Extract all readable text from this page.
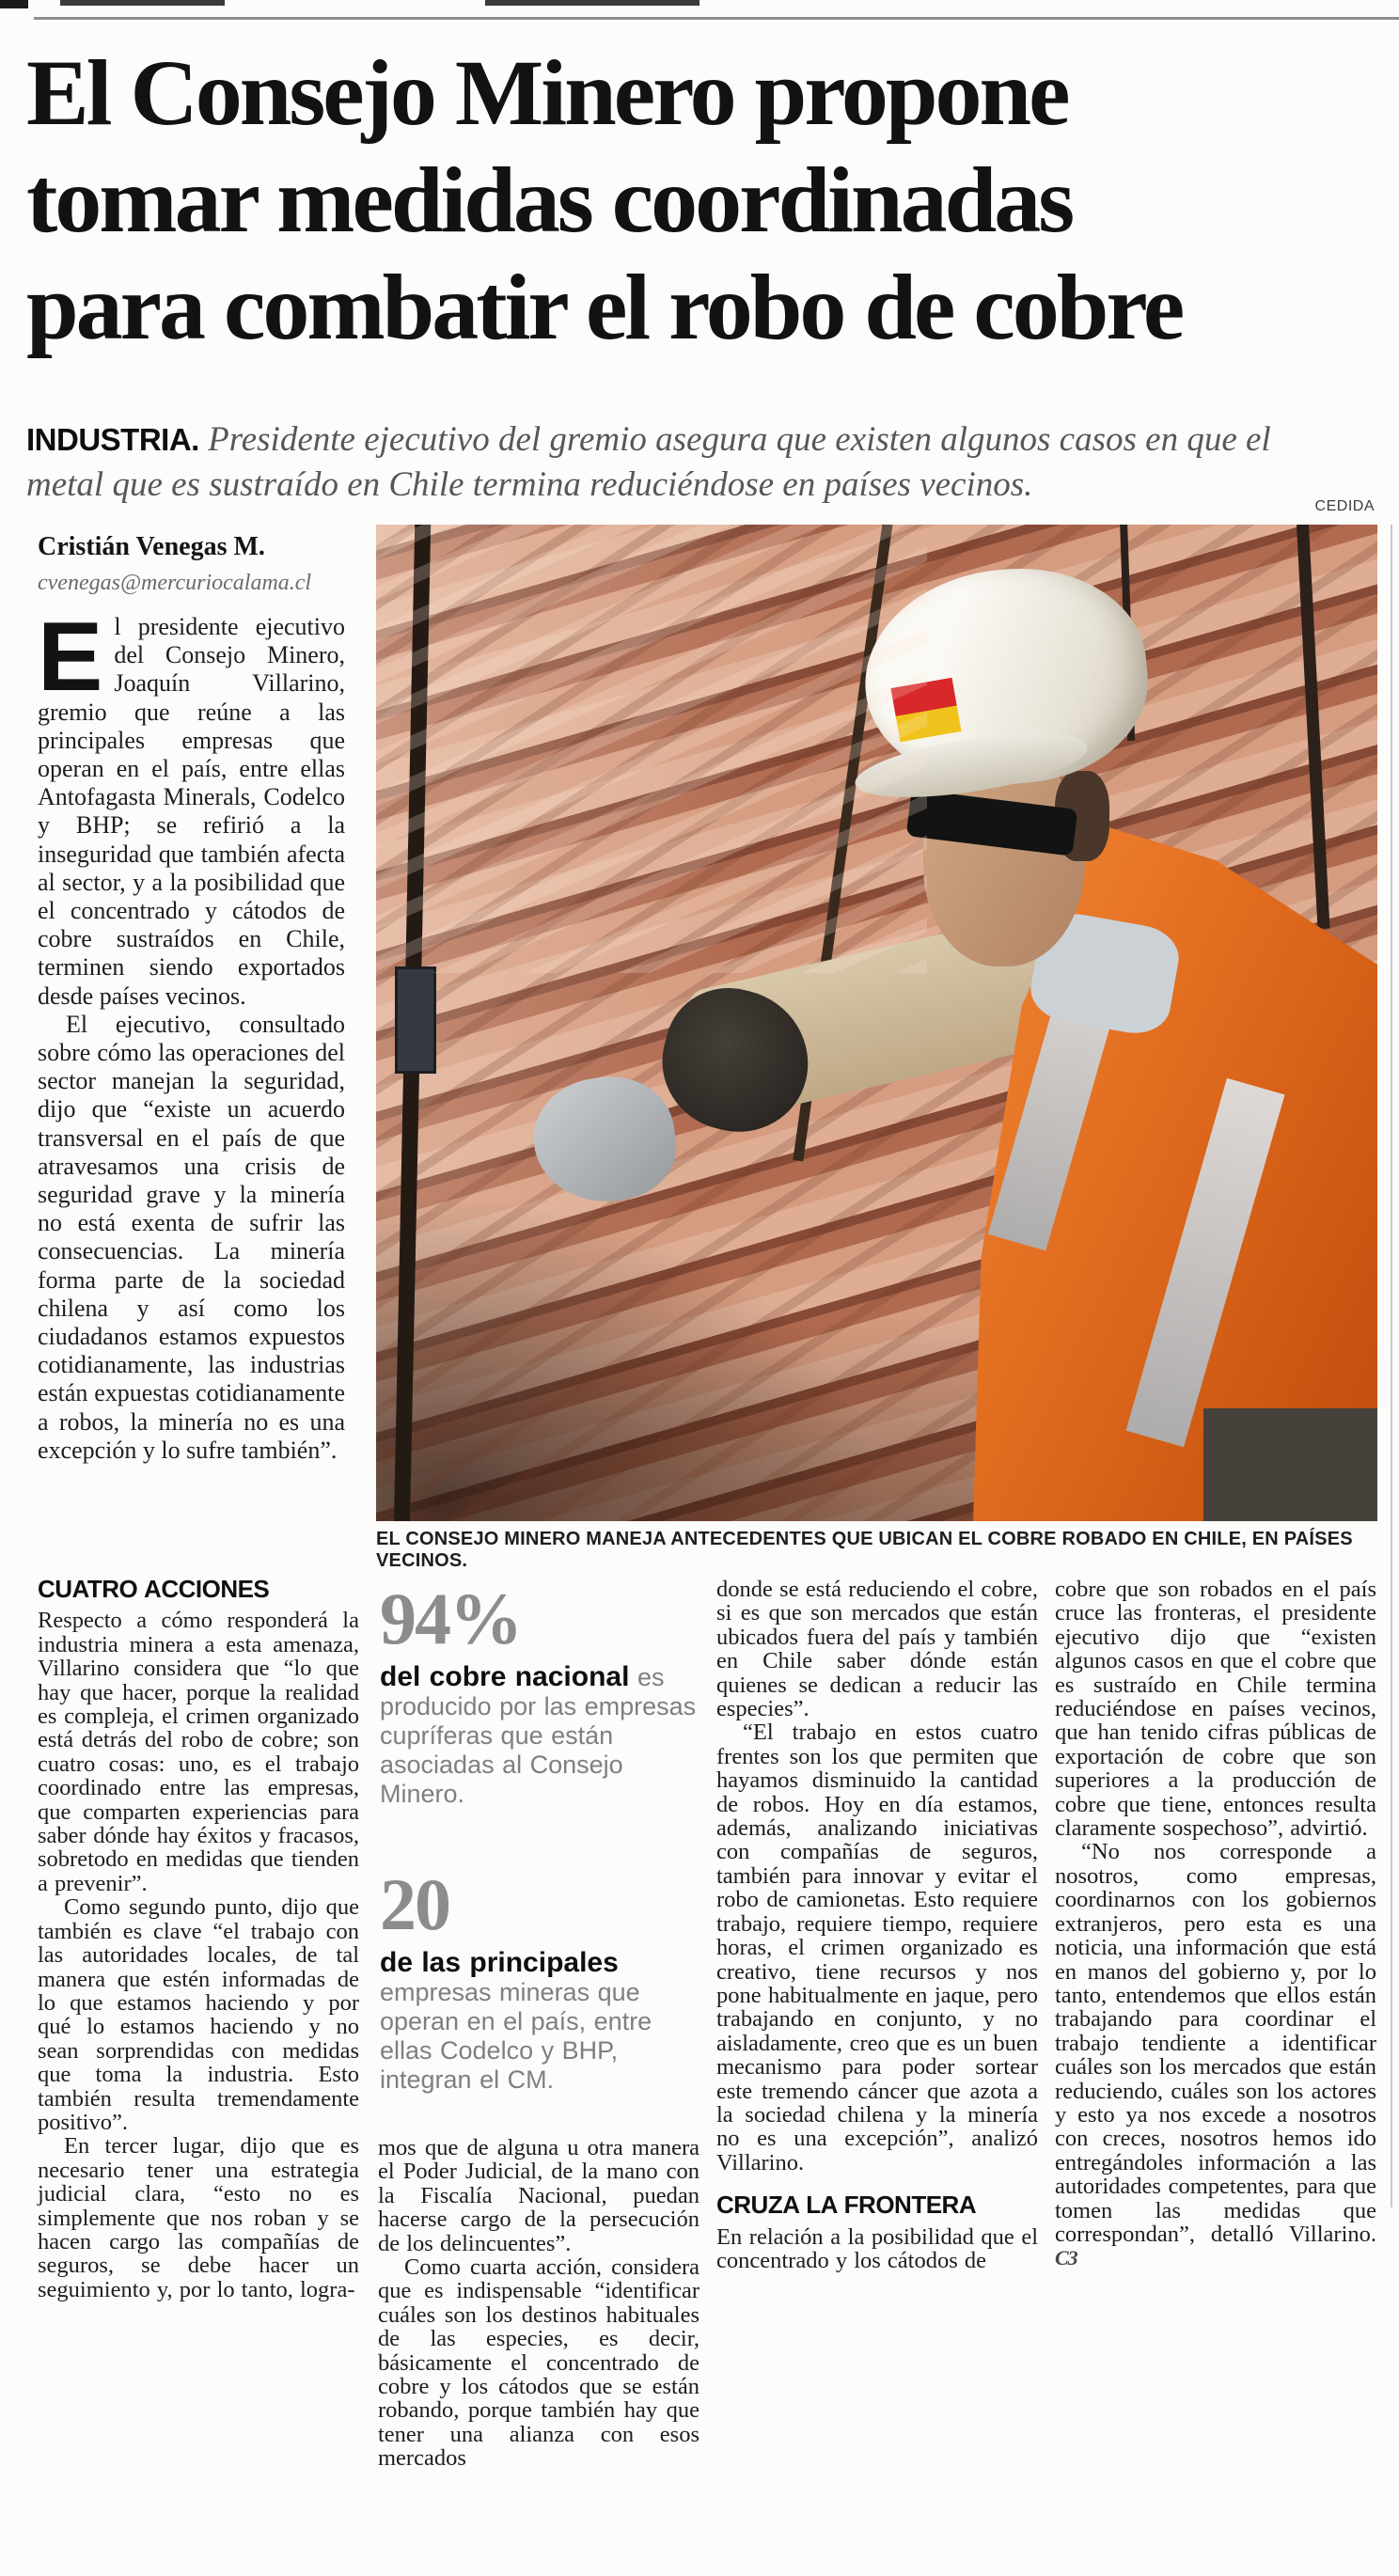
El Consejo Minero propone
tomar medidas coordinadas
para combatir el robo de cobre
INDUSTRIA. Presidente ejecutivo del gremio asegura que existen algunos casos en que el metal que es sustraído en Chile termina reduciéndose en países vecinos.
CEDIDA
Cristián Venegas M.
cvenegas@mercuriocalama.cl

El presidente ejecutivo del Consejo Minero, Joaquín Villarino, gremio que reúne a las principales empresas que operan en el país, entre ellas Antofagasta Minerals, Codelco y BHP; se refirió a la inseguridad que también afecta al sector, y a la posibilidad que el concentrado y cátodos de cobre sustraídos en Chile, terminen siendo exportados desde países vecinos.

El ejecutivo, consultado sobre cómo las operaciones del sector manejan la seguridad, dijo que “existe un acuerdo transversal en el país de que atravesamos una crisis de seguridad grave y la minería no está exenta de sufrir las consecuencias. La minería forma parte de la sociedad chilena y así como los ciudadanos estamos expuestos cotidianamente, las industrias están expuestas cotidianamente a robos, la minería no es una excepción y lo sufre también”.

EL CONSEJO MINERO MANEJA ANTECEDENTES QUE UBICAN EL COBRE ROBADO EN CHILE, EN PAÍSES VECINOS.
CUATRO ACCIONES

Respecto a cómo responderá la industria minera a esta amenaza, Villarino considera que “lo que hay que hacer, porque la realidad es compleja, el crimen organizado está detrás del robo de cobre; son cuatro cosas: uno, es el trabajo coordinado entre las empresas, que comparten experiencias para saber dónde hay éxitos y fracasos, sobretodo en medidas que tienden a prevenir”.

Como segundo punto, dijo que también es clave “el trabajo con las autoridades locales, de tal manera que estén informadas de lo que estamos haciendo y por qué lo estamos haciendo y no sean sorprendidas con medidas que toma la industria. Esto también resulta tremendamente positivo”.

En tercer lugar, dijo que es necesario tener una estrategia judicial clara, “esto no es simplemente que nos roban y se hacen cargo las compañías de seguros, se debe hacer un seguimiento y, por lo tanto, logra-

94%
del cobre nacional es producido por las empresas cupríferas que están asociadas al Consejo Minero.
20
de las principales empresas mineras que operan en el país, entre ellas Codelco y BHP, integran el CM.

mos que de alguna u otra manera el Poder Judicial, de la mano con la Fiscalía Nacional, puedan hacerse cargo de la persecución de los delincuentes”.

Como cuarta acción, considera que es indispensable “identificar cuáles son los destinos habituales de las especies, es decir, básicamente el concentrado de cobre y los cátodos que se están robando, porque también hay que tener una alianza con esos mercados

donde se está reduciendo el cobre, si es que son mercados que están ubicados fuera del país y también en Chile saber dónde están quienes se dedican a reducir las especies”.

“El trabajo en estos cuatro frentes son los que permiten que hayamos disminuido la cantidad de robos. Hoy en día estamos, además, analizando iniciativas con compañías de seguros, también para innovar y evitar el robo de camionetas. Esto requiere trabajo, requiere tiempo, requiere horas, el crimen organizado es creativo, tiene recursos y nos pone habitualmente en jaque, pero trabajando en conjunto, y no aisladamente, creo que es un buen mecanismo para poder sortear este tremendo cáncer que azota a la sociedad chilena y la minería no es una excepción”, analizó Villarino.

CRUZA LA FRONTERA

En relación a la posibilidad que el concentrado y los cátodos de

cobre que son robados en el país cruce las fronteras, el presidente ejecutivo dijo que “existen algunos casos en que el cobre que es sustraído en Chile termina reduciéndose en países vecinos, que han tenido cifras públicas de exportación de cobre que son superiores a la producción de cobre que tiene, entonces resulta claramente sospechoso”, advirtió.

“No nos corresponde a nosotros, como empresas, coordinarnos con los gobiernos extranjeros, pero esta es una noticia, una información que está en manos del gobierno y, por lo tanto, entendemos que ellos están trabajando para coordinar el trabajo tendiente a identificar cuáles son los mercados que están reduciendo, cuáles son los actores y esto ya nos excede a nosotros con creces, nosotros hemos ido entregándoles información a las autoridades competentes, para que tomen las medidas que correspondan”, detalló Villarino. C3
